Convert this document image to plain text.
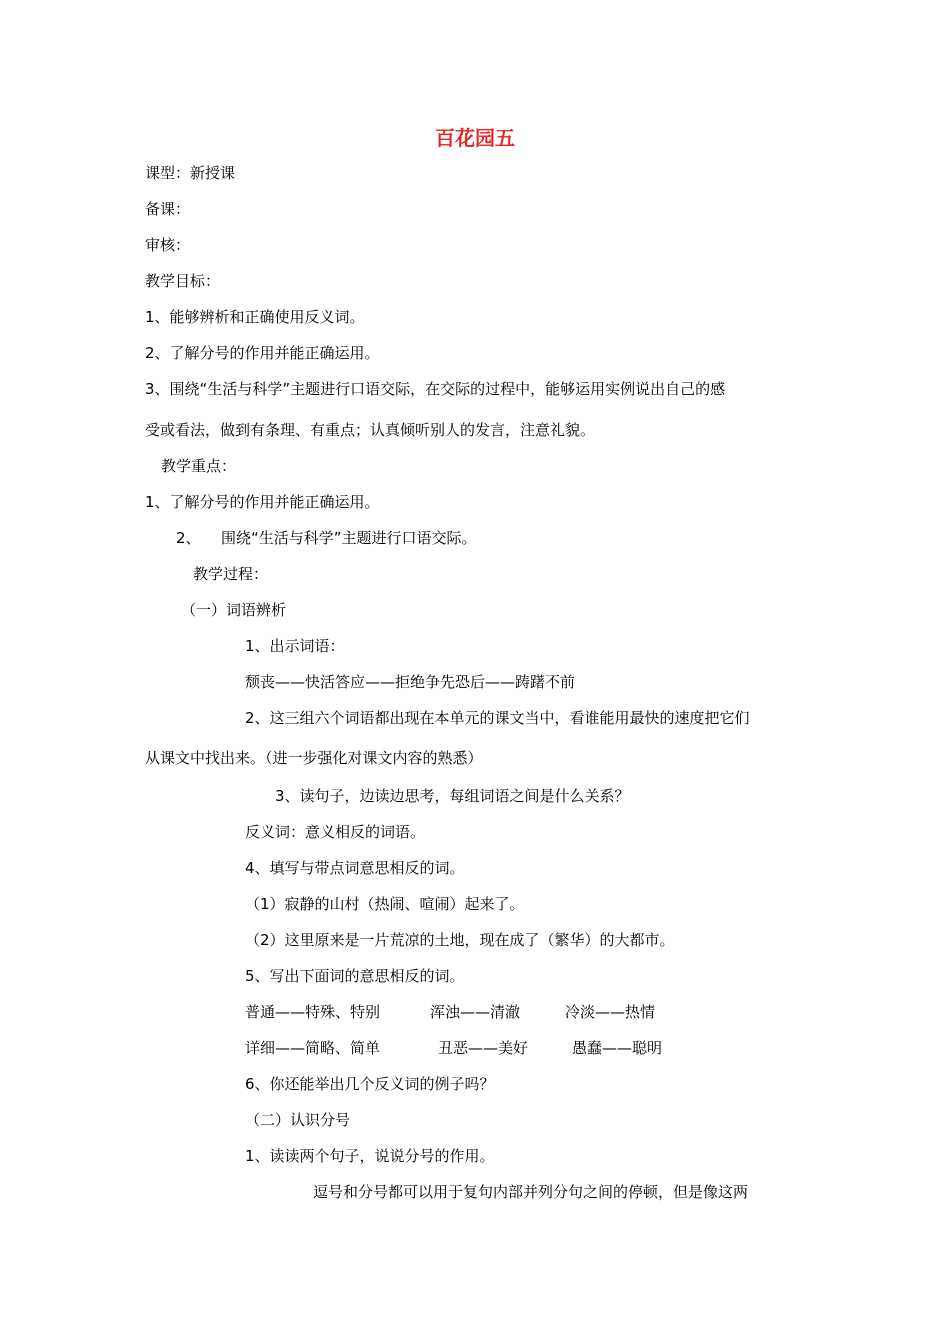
百花园五
课型：新授课
备课：
审核：
教学目标：
1、能够辨析和正确使用反义词。
2、了解分号的作用并能正确运用。
3、围绕“生活与科学”主题进行口语交际，在交际的过程中，能够运用实例说出自己的感
受或看法，做到有条理、有重点；认真倾听别人的发言，注意礼貌。
教学重点：
1、了解分号的作用并能正确运用。
2、 围绕“生活与科学”主题进行口语交际。
教学过程：
（一）词语辨析
1、出示词语：
颓丧——快活答应——拒绝争先恐后——踌躇不前
2、这三组六个词语都出现在本单元的课文当中，看谁能用最快的速度把它们
从课文中找出来。（进一步强化对课文内容的熟悉）
3、读句子，边读边思考，每组词语之间是什么关系？
反义词：意义相反的词语。
4、填写与带点词意思相反的词。
（1）寂静的山村（热闹、喧闹）起来了。
（2）这里原来是一片荒凉的土地，现在成了（繁华）的大都市。
5、写出下面词的意思相反的词。
普通——特殊、特别	浑浊——清澈	冷淡——热情
详细——简略、简单	丑恶——美好	愚蠢——聪明
6、你还能举出几个反义词的例子吗？
（二）认识分号
1、读读两个句子，说说分号的作用。
逗号和分号都可以用于复句内部并列分句之间的停顿，但是像这两
